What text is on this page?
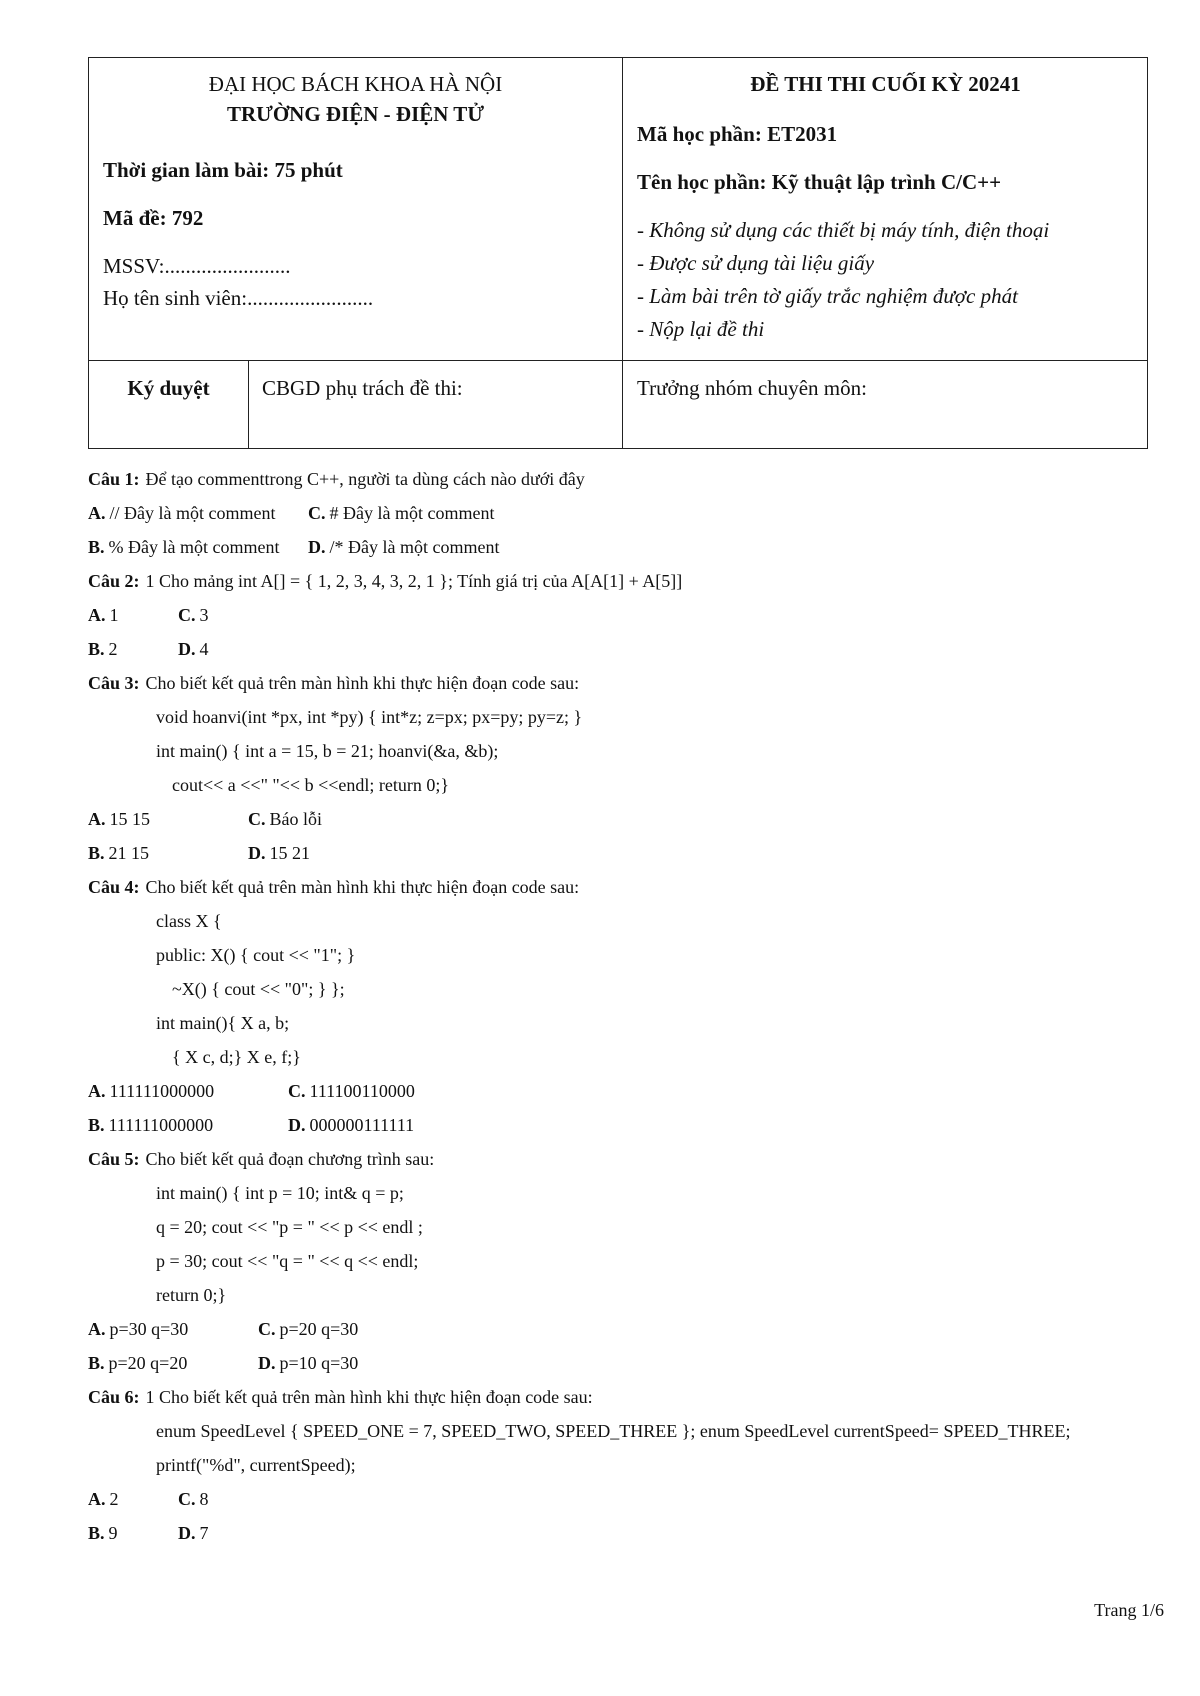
ĐẠI HỌC BÁCH KHOA HÀ NỘI
TRƯỜNG ĐIỆN - ĐIỆN TỬ
Thời gian làm bài: 75 phút
Mã đề: 792
MSSV:........................
Họ tên sinh viên:........................
ĐỀ THI THI CUỐI KỲ 20241
Mã học phần: ET2031
Tên học phần: Kỹ thuật lập trình C/C++
- Không sử dụng các thiết bị máy tính, điện thoại
- Được sử dụng tài liệu giấy
- Làm bài trên tờ giấy trắc nghiệm được phát
- Nộp lại đề thi
Ký duyệt	CBGD phụ trách đề thi:	Trưởng nhóm chuyên môn:
Câu 1: Để tạo commenttrong C++, người ta dùng cách nào dưới đây
A. // Đây là một comment C. # Đây là một comment
B. % Đây là một comment D. /* Đây là một comment
Câu 2: 1 Cho mảng int A[] = { 1, 2, 3, 4, 3, 2, 1 }; Tính giá trị của A[A[1] + A[5]]
A. 1	C. 3
B. 2	D. 4
Câu 3: Cho biết kết quả trên màn hình khi thực hiện đoạn code sau:
void hoanvi(int *px, int *py) { int*z; z=px; px=py; py=z; }
int main() { int a = 15, b = 21; hoanvi(&a, &b);
cout<< a <<" "<< b <<endl; return 0;}
A. 15 15	C. Báo lỗi
B. 21 15	D. 15 21
Câu 4: Cho biết kết quả trên màn hình khi thực hiện đoạn code sau:
class X {
public: X() { cout << "1"; }
~X() { cout << "0"; } };
int main(){ X a, b;
{ X c, d;} X e, f;}
A. 111111000000	C. 111100110000
B. 111111000000	D. 000000111111
Câu 5: Cho biết kết quả đoạn chương trình sau:
int main() { int p = 10; int& q = p;
q = 20; cout << "p = " << p << endl ;
p = 30; cout << "q = " << q << endl;
return 0;}
A. p=30 q=30	C. p=20 q=30
B. p=20 q=20	D. p=10 q=30
Câu 6: 1 Cho biết kết quả trên màn hình khi thực hiện đoạn code sau:
enum SpeedLevel { SPEED_ONE = 7, SPEED_TWO, SPEED_THREE }; enum SpeedLevel currentSpeed= SPEED_THREE;
printf("%d", currentSpeed);
A. 2	C. 8
B. 9	D. 7
Trang 1/6
